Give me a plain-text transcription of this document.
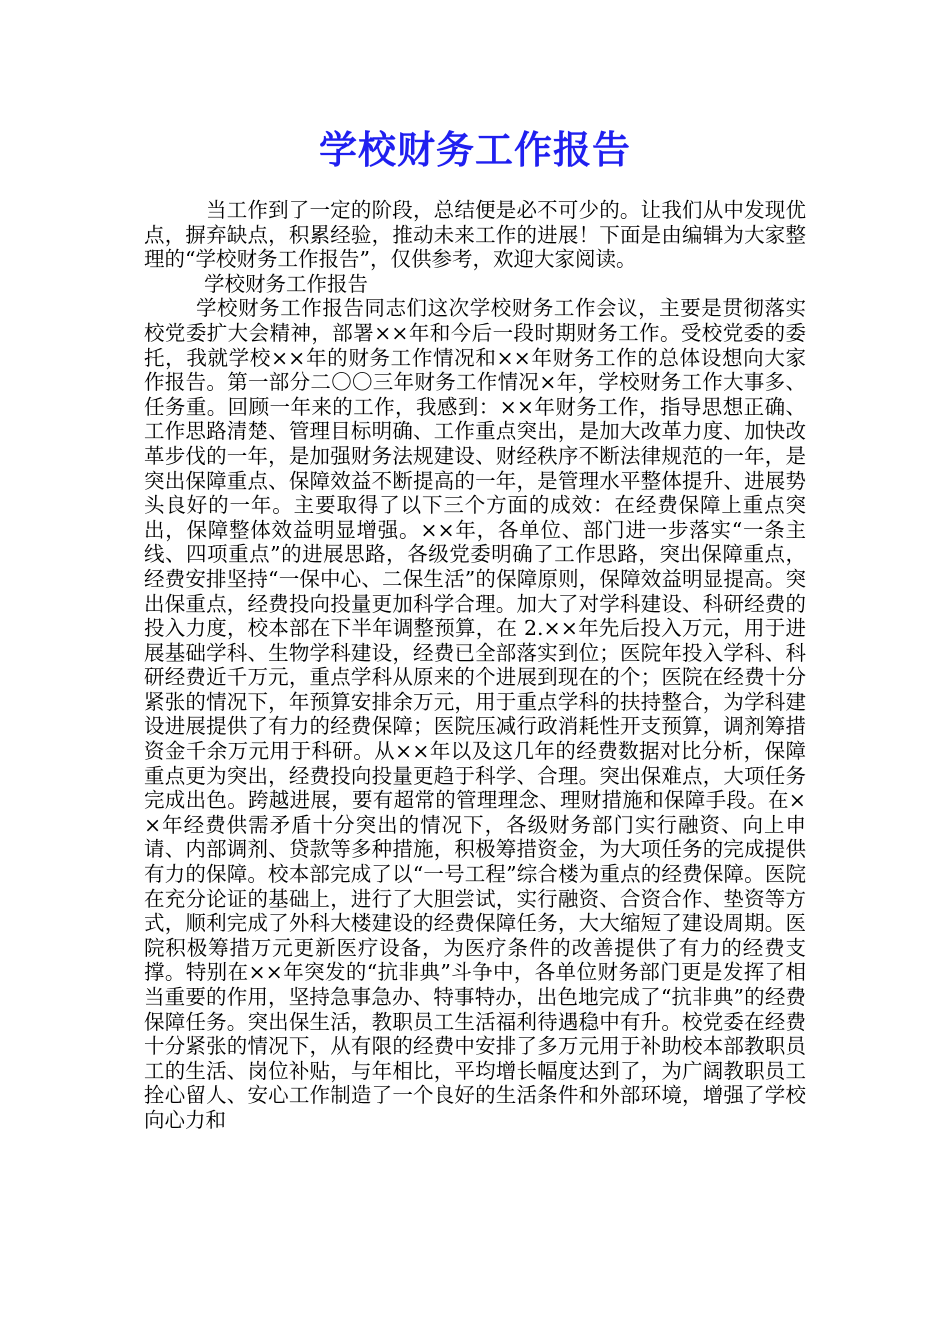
学校财务工作报告

当工作到了一定的阶段，总结便是必不可少的。让我们从中发现优点，摒弃缺点，积累经验，推动未来工作的进展！下面是由编辑为大家整理的“学校财务工作报告”，仅供参考，欢迎大家阅读。

学校财务工作报告

学校财务工作报告同志们这次学校财务工作会议，主要是贯彻落实校党委扩大会精神，部署××年和今后一段时期财务工作。受校党委的委托，我就学校××年的财务工作情况和××年财务工作的总体设想向大家作报告。第一部分二〇〇三年财务工作情况×年，学校财务工作大事多、任务重。回顾一年来的工作，我感到：××年财务工作，指导思想正确、工作思路清楚、管理目标明确、工作重点突出，是加大改革力度、加快改革步伐的一年，是加强财务法规建设、财经秩序不断法律规范的一年，是突出保障重点、保障效益不断提高的一年，是管理水平整体提升、进展势头良好的一年。主要取得了以下三个方面的成效：在经费保障上重点突出，保障整体效益明显增强。××年，各单位、部门进一步落实“一条主线、四项重点”的进展思路，各级党委明确了工作思路，突出保障重点，经费安排坚持“一保中心、二保生活”的保障原则，保障效益明显提高。突出保重点，经费投向投量更加科学合理。加大了对学科建设、科研经费的投入力度，校本部在下半年调整预算，在 2.××年先后投入万元，用于进展基础学科、生物学科建设，经费已全部落实到位；医院年投入学科、科研经费近千万元，重点学科从原来的个进展到现在的个；医院在经费十分紧张的情况下，年预算安排余万元，用于重点学科的扶持整合，为学科建设进展提供了有力的经费保障；医院压减行政消耗性开支预算，调剂筹措资金千余万元用于科研。从××年以及这几年的经费数据对比分析，保障重点更为突出，经费投向投量更趋于科学、合理。突出保难点，大项任务完成出色。跨越进展，要有超常的管理理念、理财措施和保障手段。在××年经费供需矛盾十分突出的情况下，各级财务部门实行融资、向上申请、内部调剂、贷款等多种措施，积极筹措资金，为大项任务的完成提供有力的保障。校本部完成了以“一号工程”综合楼为重点的经费保障。医院在充分论证的基础上，进行了大胆尝试，实行融资、合资合作、垫资等方式，顺利完成了外科大楼建设的经费保障任务，大大缩短了建设周期。医院积极筹措万元更新医疗设备，为医疗条件的改善提供了有力的经费支撑。特别在××年突发的“抗非典”斗争中，各单位财务部门更是发挥了相当重要的作用，坚持急事急办、特事特办，出色地完成了“抗非典”的经费保障任务。突出保生活，教职员工生活福利待遇稳中有升。校党委在经费十分紧张的情况下，从有限的经费中安排了多万元用于补助校本部教职员工的生活、岗位补贴，与年相比，平均增长幅度达到了，为广阔教职员工拴心留人、安心工作制造了一个良好的生活条件和外部环境，增强了学校向心力和
